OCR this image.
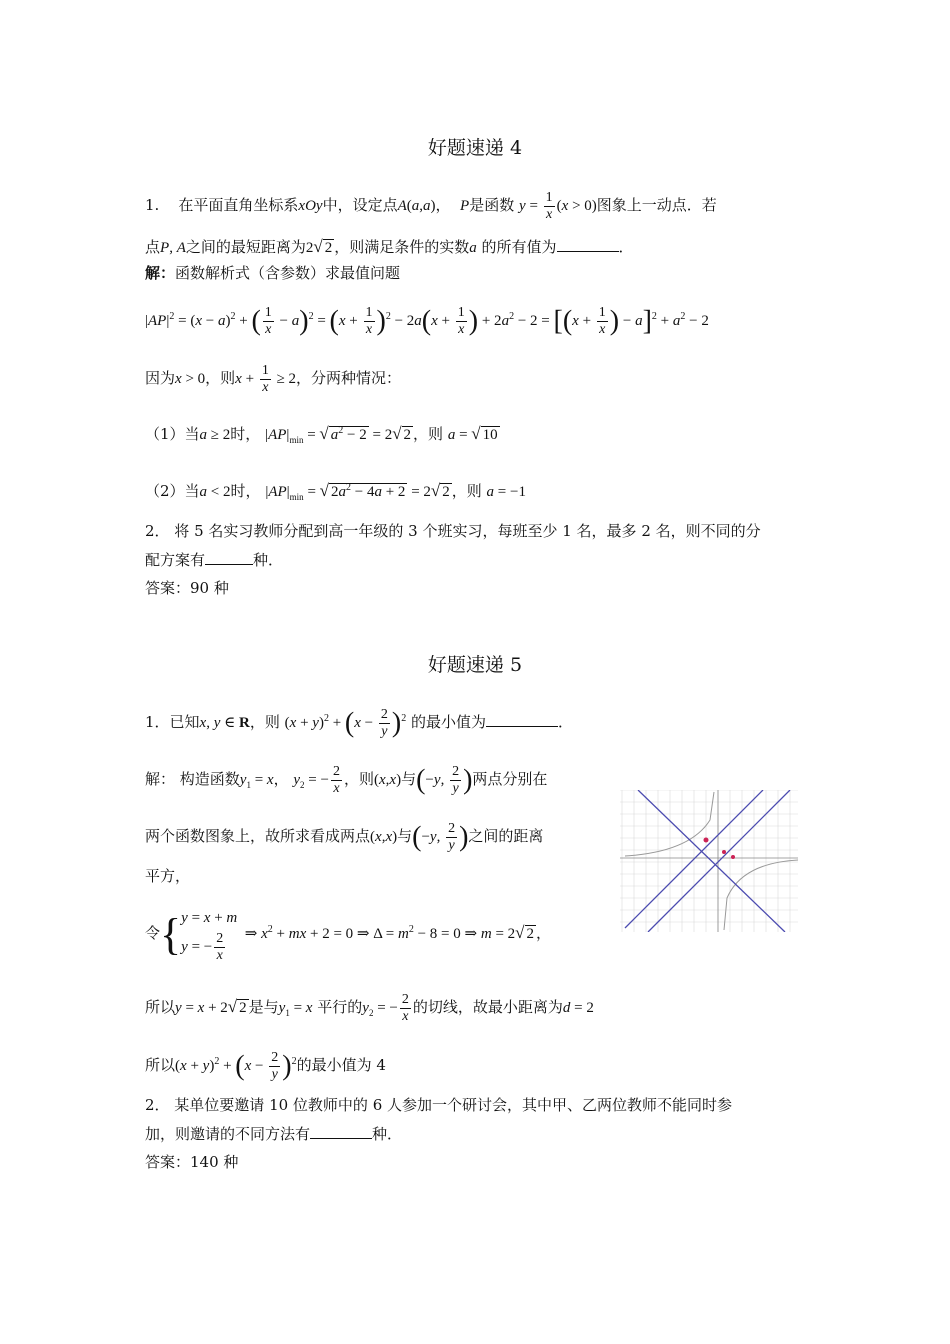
好题速递 4
1. 在平面直角坐标系xOy中，设定点A(a,a)，  P是函数 $y = \frac{1}{x} (x > 0)$图象上一动点．若
点P, A之间的最短距离为2√ 2 ，则满足条件的实数a 的所有值为	．
解：函数解析式（含参数）求最值问题
$|AP|^2 = (x - a)^2$ + ( $\frac{1}{x} - a)^2 = (x + \frac{1}{x} )^2 - 2a(x + \frac{1}{x}$ ) + $2a^2 - 2 = [(x + \frac{1}{x}$ ) − $a]^2 + a^2 - 2$
因为x > 0，则$x + \frac{1}{x} \ge 2$，分两种情况：
（1）当a ≥ 2时， $|AP|_{min}$ = √ $a^2 - 2 = 2√$ 2 ，则 a = √ 10
（2）当a < 2时， $|AP|_{min}$ = √ $2a^2 - 4a + 2 = 2√$ 2 ，则 a = −1
2． 将 5 名实习教师分配到高一年级的 3 个班实习，每班至少 1 名，最多 2 名，则不同的分
配方案有	种．
答案：90 种
好题速递 5
1．已知x, y ∈ R，则 $(x + y)^2 + (x - \frac{2}{y} )^2$ 的最小值为	．
解： 构造函数$y_1 = x$， $y_2$ = − $\frac{2}{x}$ ，则(x,x)与(−y, $\frac{2}{y}$ )两点分别在
两个函数图象上，故所求看成两点(x,x)与(−y, $\frac{2}{y}$ )之间的距离
平方，
令{ y = x + m
y = − $\frac{2}{x}$ ⇒ $x^2$ + mx + 2 = 0 ⇒ $\Delta = m^2 - 8 = 0$ ⇒ m = 2√ 2 ，
所以y = x + 2√ 2 是与$y_1 = x$ 平行的$y_2$ = − $\frac{2}{x}$ 的切线，故最小距离为d = 2
所以$(x + y)^2 + (x - \frac{2}{y} )^2$的最小值为 4
2． 某单位要邀请 10 位教师中的 6 人参加一个研讨会，其中甲、乙两位教师不能同时参
加，则邀请的不同方法有	种．
答案：140 种
